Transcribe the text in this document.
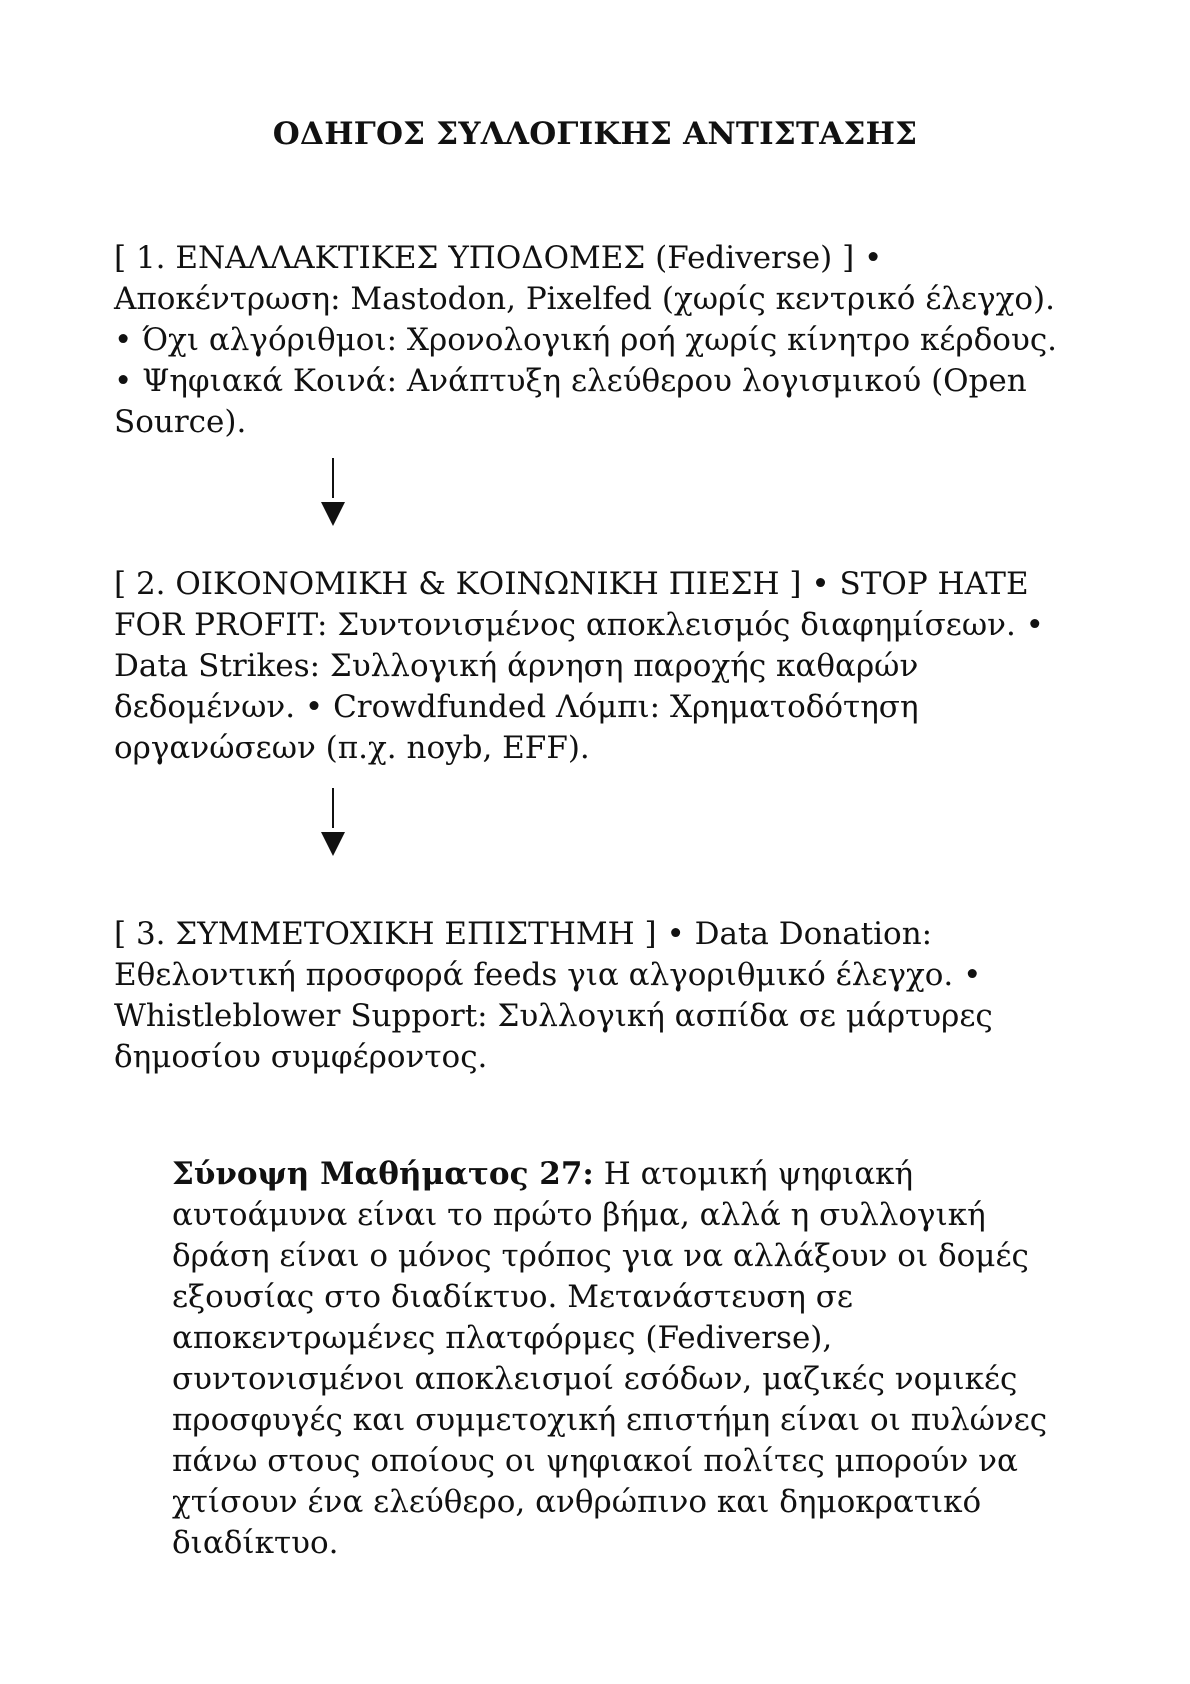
ΟΔΗΓΟΣ ΣΥΛΛΟΓΙΚΗΣ ΑΝΤΙΣΤΑΣΗΣ
[ 1. ΕΝΑΛΛΑΚΤΙΚΕΣ ΥΠΟΔΟΜΕΣ (Fediverse) ] • Αποκέντρωση: Mastodon, Pixelfed (χωρίς κεντρικό έλεγχο). • Όχι αλγόριθμοι: Χρονολογική ροή χωρίς κίνητρο κέρδους. • Ψηφιακά Κοινά: Ανάπτυξη ελεύθερου λογισμικού (Open Source).
[ 2. ΟΙΚΟΝΟΜΙΚΗ & ΚΟΙΝΩΝΙΚΗ ΠΙΕΣΗ ] • STOP HATE FOR PROFIT: Συντονισμένος αποκλεισμός διαφημίσεων. • Data Strikes: Συλλογική άρνηση παροχής καθαρών δεδομένων. • Crowdfunded Λόμπι: Χρηματοδότηση οργανώσεων (π.χ. noyb, EFF).
[ 3. ΣΥΜΜΕΤΟΧΙΚΗ ΕΠΙΣΤΗΜΗ ] • Data Donation: Εθελοντική προσφορά feeds για αλγοριθμικό έλεγχο. • Whistleblower Support: Συλλογική ασπίδα σε μάρτυρες δημοσίου συμφέροντος.
Σύνοψη Μαθήματος 27: Η ατομική ψηφιακή αυτοάμυνα είναι το πρώτο βήμα, αλλά η συλλογική δράση είναι ο μόνος τρόπος για να αλλάξουν οι δομές εξουσίας στο διαδίκτυο. Μετανάστευση σε αποκεντρωμένες πλατφόρμες (Fediverse), συντονισμένοι αποκλεισμοί εσόδων, μαζικές νομικές προσφυγές και συμμετοχική επιστήμη είναι οι πυλώνες πάνω στους οποίους οι ψηφιακοί πολίτες μπορούν να χτίσουν ένα ελεύθερο, ανθρώπινο και δημοκρατικό διαδίκτυο.
